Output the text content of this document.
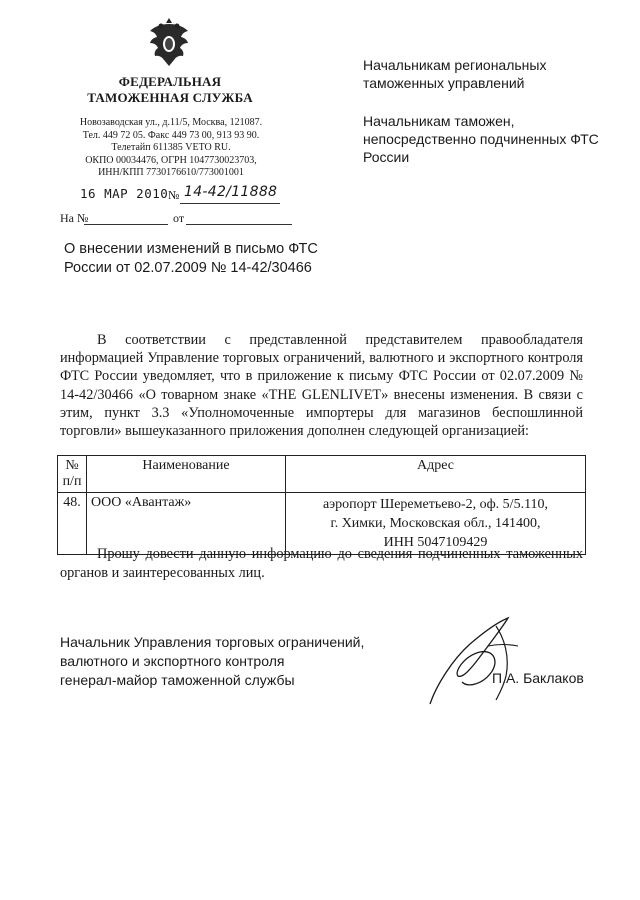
ФЕДЕРАЛЬНАЯ
ТАМОЖЕННАЯ СЛУЖБА
Новозаводская ул., д.11/5, Москва, 121087.
Тел. 449 72 05. Факс 449 73 00, 913 93 90.
Телетайп 611385 VETO RU.
ОКПО 00034476, ОГРН 1047730023703,
ИНН/КПП 7730176610/773001001
16 МАР 2010 № 14-42/11888
На №	от
О внесении изменений в письмо ФТС России от 02.07.2009 № 14-42/30466

Начальникам региональных таможенных управлений

Начальникам таможен, непосредственно подчиненных ФТС России

В соответствии с представленной представителем правообладателя информацией Управление торговых ограничений, валютного и экспортного контроля ФТС России уведомляет, что в приложение к письму ФТС России от 02.07.2009 № 14-42/30466 «О товарном знаке «THE GLENLIVET» внесены изменения. В связи с этим, пункт 3.3 «Уполномоченные импортеры для магазинов беспошлинной торговли» вышеуказанного приложения дополнен следующей организацией:
№
п/п	Наименование	Адрес
48.	ООО «Авантаж»	аэропорт Шереметьево-2, оф. 5/5.110,
г. Химки, Московская обл., 141400,
ИНН 5047109429
Прошу довести данную информацию до сведения подчиненных таможенных органов и заинтересованных лиц.
Начальник Управления торговых ограничений,
валютного и экспортного контроля
генерал-майор таможенной службы	П.А. Баклаков
